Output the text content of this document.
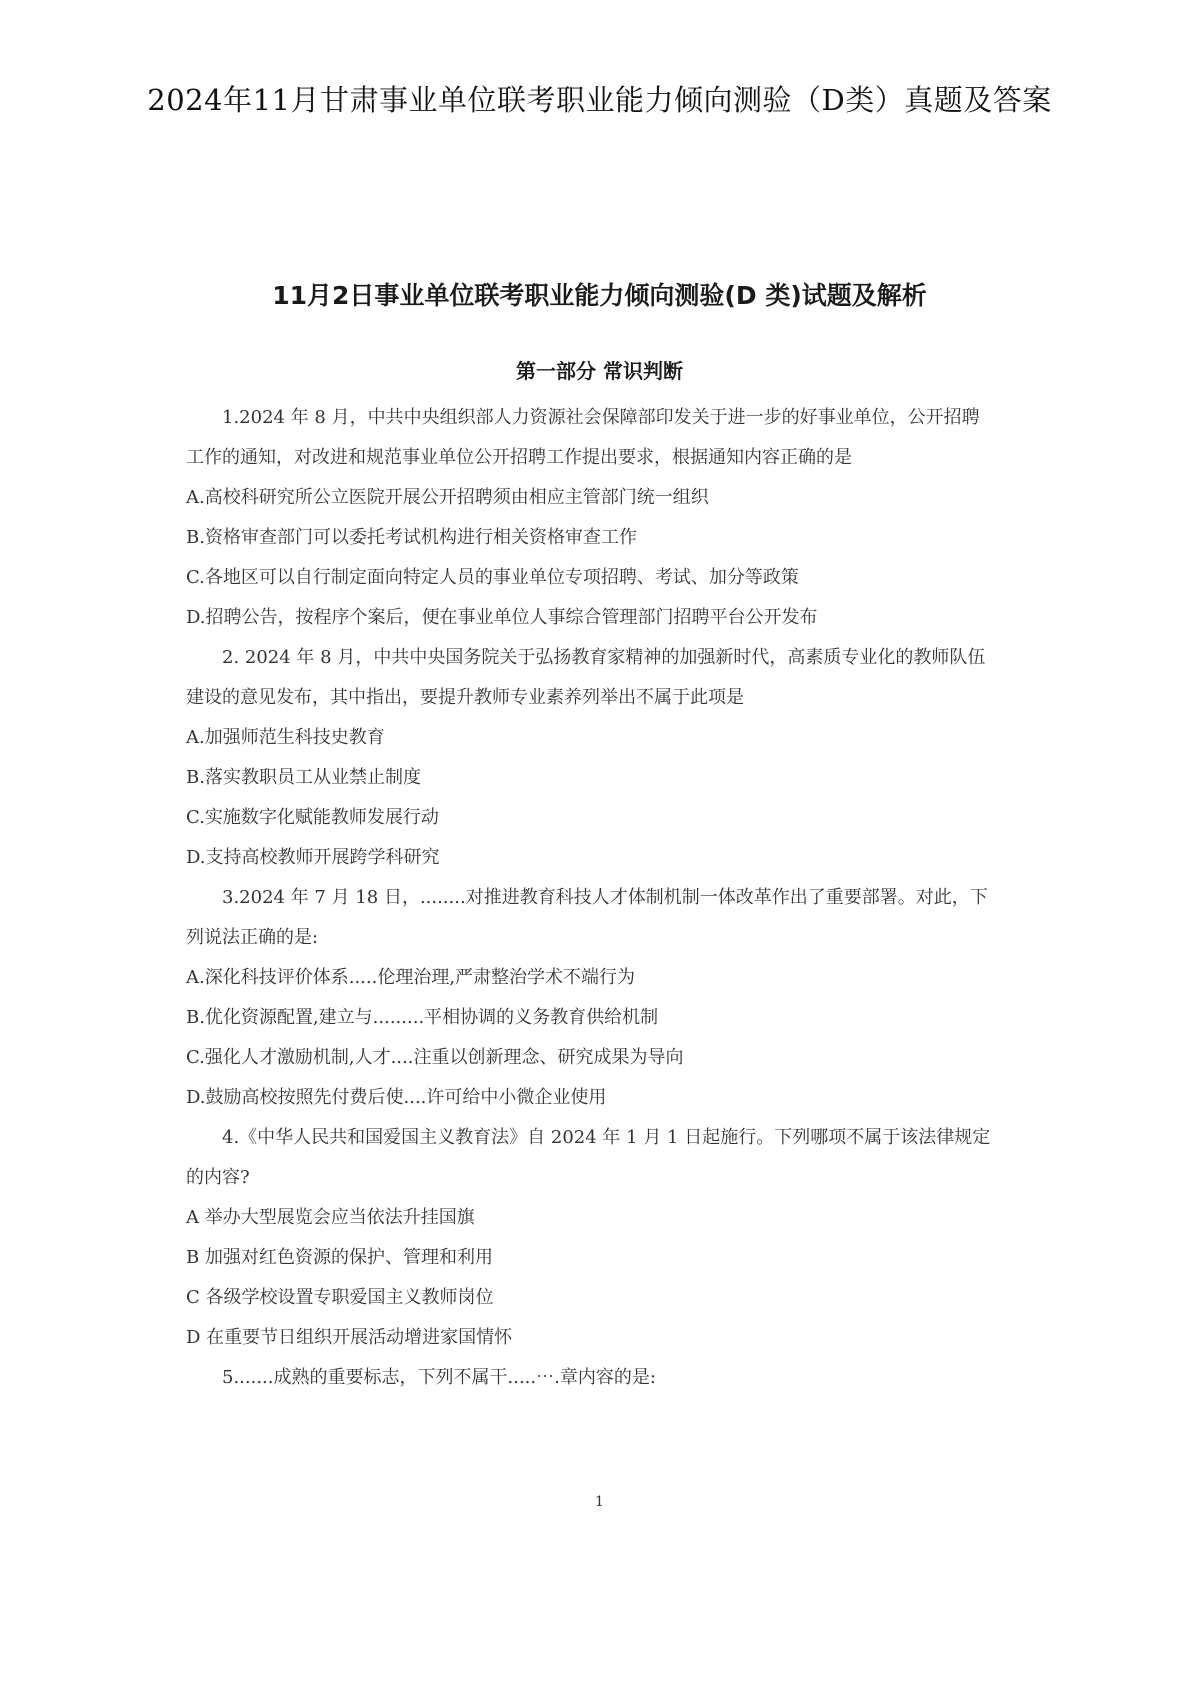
2024年11月甘肃事业单位联考职业能力倾向测验（D类）真题及答案
11月2日事业单位联考职业能力倾向测验(D 类)试题及解析
第一部分 常识判断

1.2024 年 8 月，中共中央组织部人力资源社会保障部印发关于进一步的好事业单位，公开招聘工作的通知，对改进和规范事业单位公开招聘工作提出要求，根据通知内容正确的是

A.高校科研究所公立医院开展公开招聘须由相应主管部门统一组织

B.资格审查部门可以委托考试机构进行相关资格审查工作

C.各地区可以自行制定面向特定人员的事业单位专项招聘、考试、加分等政策

D.招聘公告，按程序个案后，便在事业单位人事综合管理部门招聘平台公开发布

2. 2024 年 8 月，中共中央国务院关于弘扬教育家精神的加强新时代，高素质专业化的教师队伍建设的意见发布，其中指出，要提升教师专业素养列举出不属于此项是

A.加强师范生科技史教育

B.落实教职员工从业禁止制度

C.实施数字化赋能教师发展行动

D.支持高校教师开展跨学科研究

3.2024 年 7 月 18 日，........对推进教育科技人才体制机制一体改革作出了重要部署。对此，下列说法正确的是:

A.深化科技评价体系.....伦理治理,严肃整治学术不端行为

B.优化资源配置,建立与.........平相协调的义务教育供给机制

C.强化人才激励机制,人才....注重以创新理念、研究成果为导向

D.鼓励高校按照先付费后使....许可给中小微企业使用

4.《中华人民共和国爱国主义教育法》自 2024 年 1 月 1 日起施行。下列哪项不属于该法律规定的内容?

A 举办大型展览会应当依法升挂国旗

B 加强对红色资源的保护、管理和利用

C 各级学校设置专职爱国主义教师岗位

D 在重要节日组织开展活动增进家国情怀

5.......成熟的重要标志，下列不属干.....⋯.章内容的是:

1
